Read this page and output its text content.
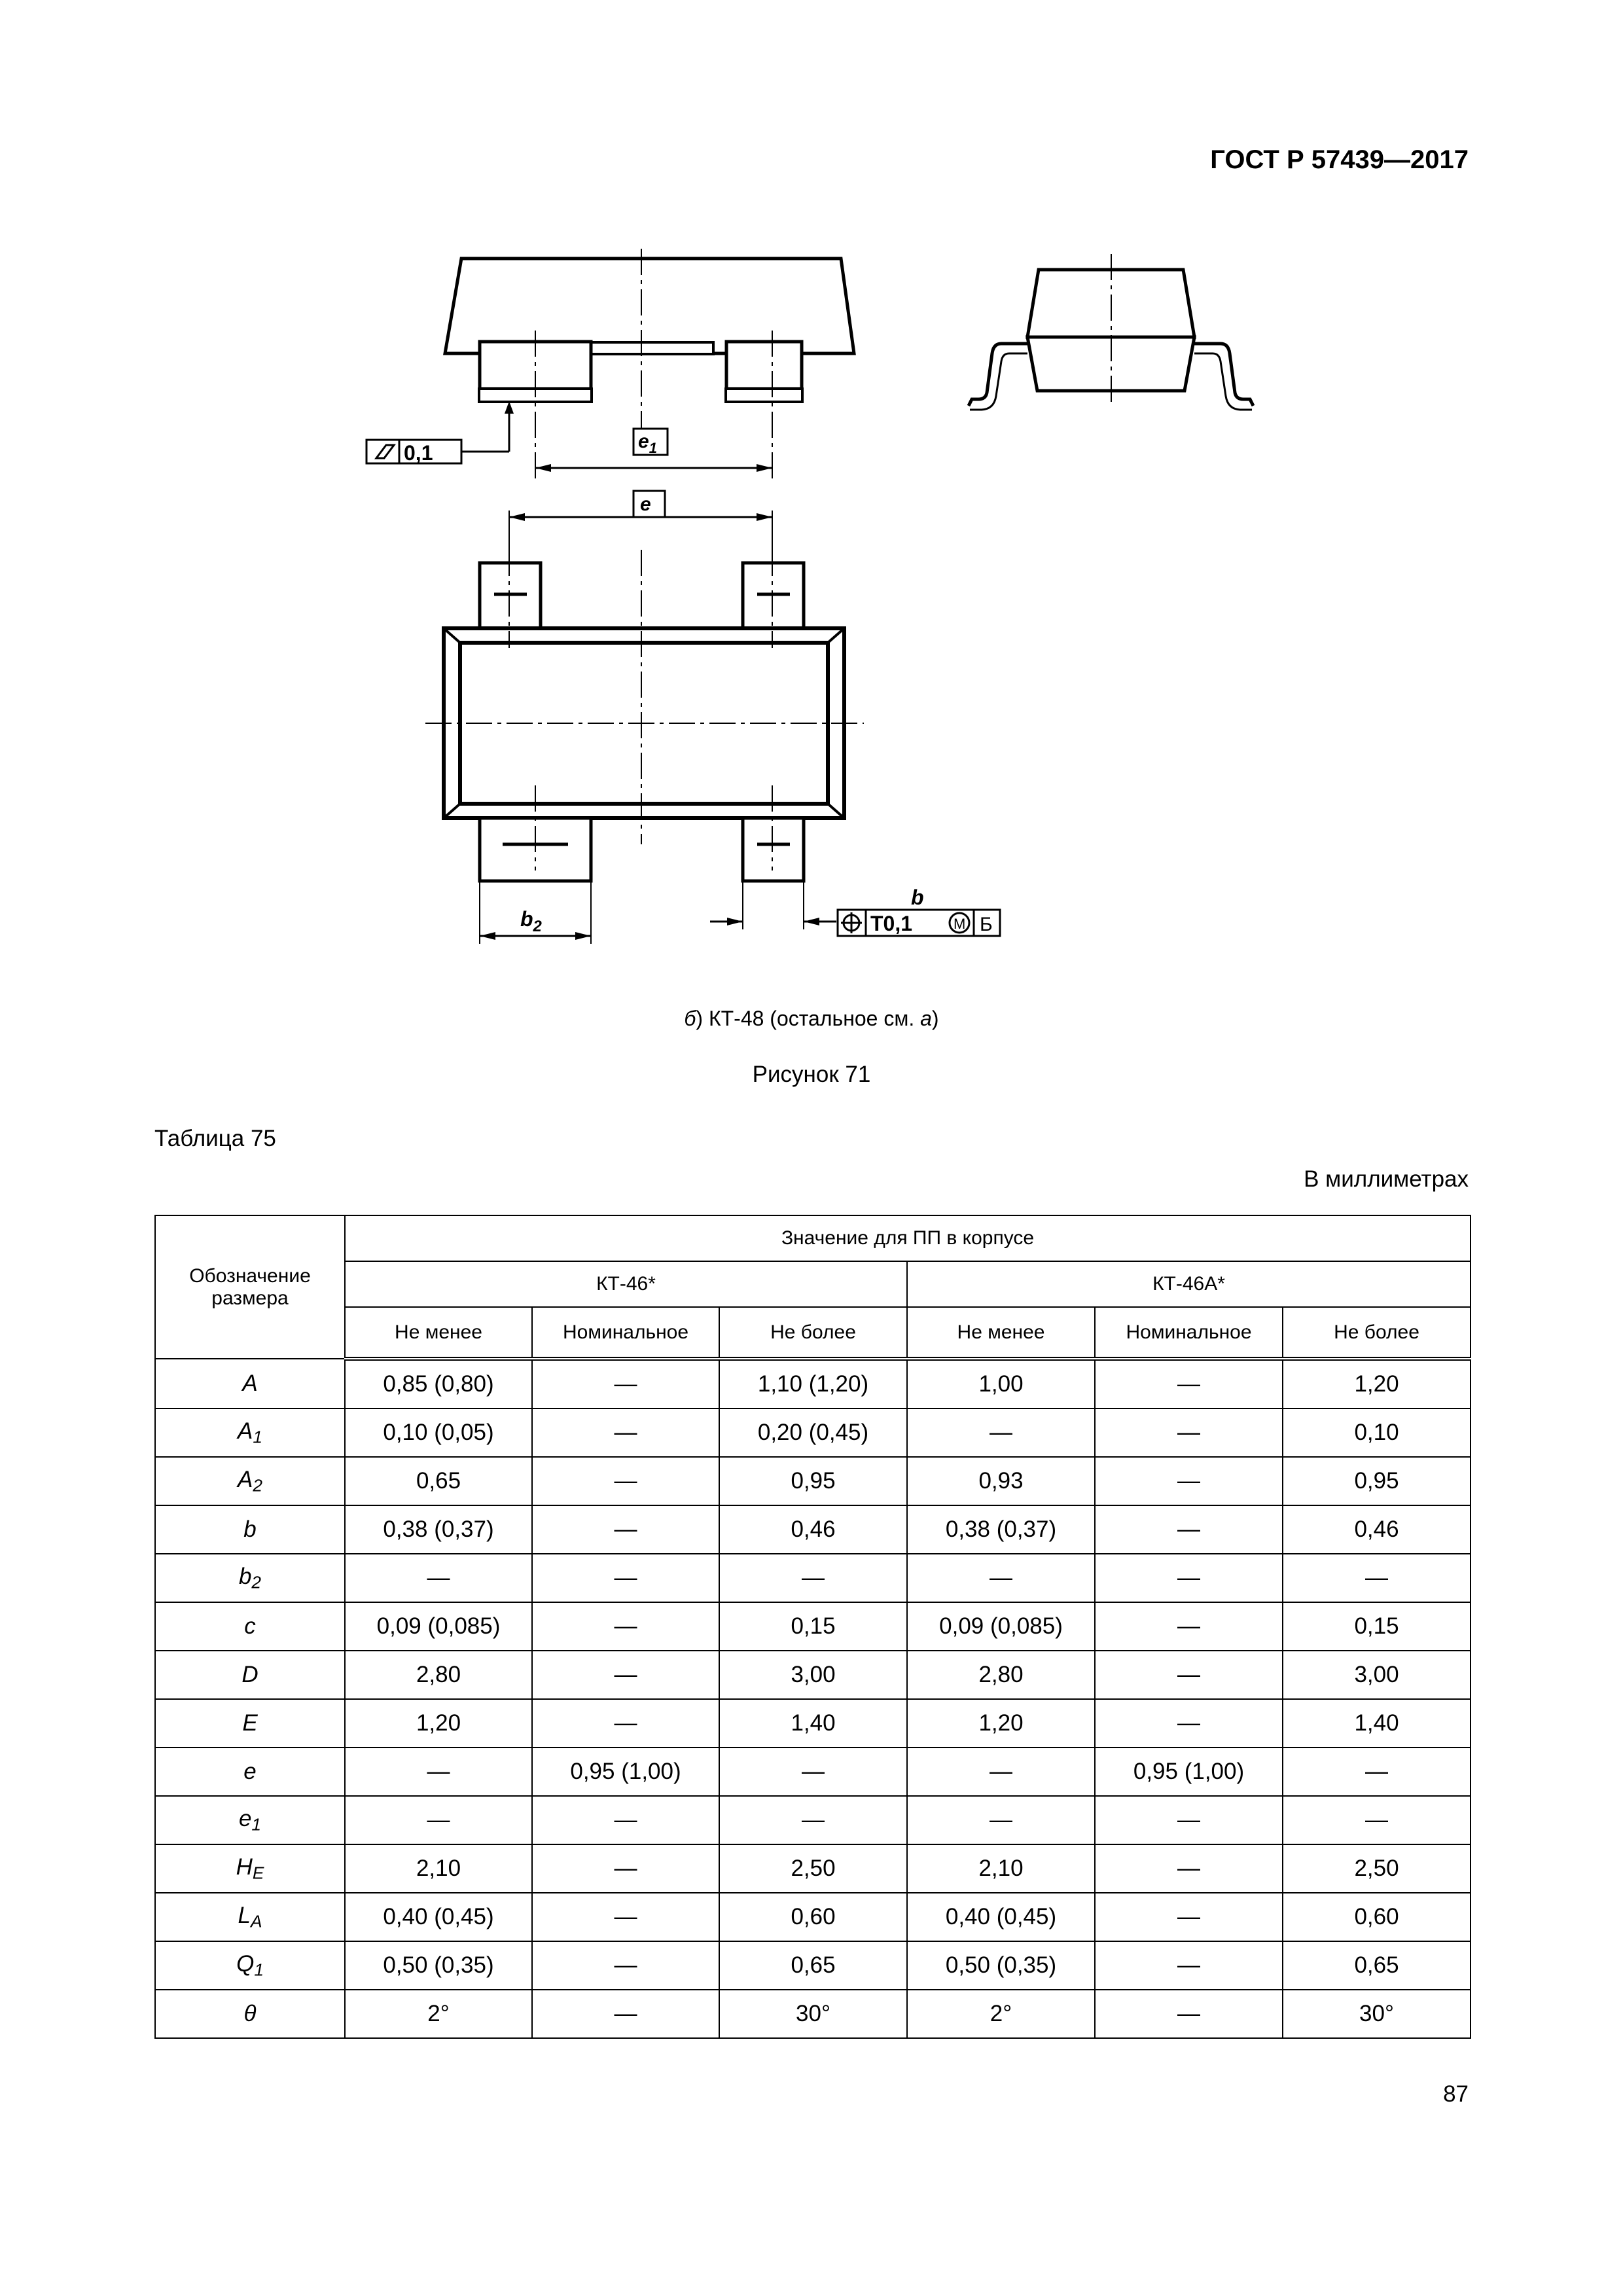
ГОСТ Р 57439—2017
0,1	$e_1$
e
$b_2$
b
T0,1	M Б
б) КТ-48 (остальное см. а)
Рисунок 71
Таблица 75
В миллиметрах
Обозначение размера	Значение для ПП в корпусе					
	КТ-46*			КТ-46А*		
	Не менее	Номинальное	Не более	Не менее	Номинальное	Не более
A	0,85 (0,80)	—	1,10 (1,20)	1,00	—	1,20
$A_1$	0,10 (0,05)	—	0,20 (0,45)	—	—	0,10
$A_2$	0,65	—	0,95	0,93	—	0,95
b	0,38 (0,37)	—	0,46	0,38 (0,37)	—	0,46
$b_2$	—	—	—	—	—	—
c	0,09 (0,085)	—	0,15	0,09 (0,085)	—	0,15
D	2,80	—	3,00	2,80	—	3,00
E	1,20	—	1,40	1,20	—	1,40
e	—	0,95 (1,00)	—	—	0,95 (1,00)	—
$e_1$	—	—	—	—	—	—
$H_E$	2,10	—	2,50	2,10	—	2,50
$L_A$	0,40 (0,45)	—	0,60	0,40 (0,45)	—	0,60
$Q_1$	0,50 (0,35)	—	0,65	0,50 (0,35)	—	0,65
θ	2°	—	30°	2°	—	30°
87
